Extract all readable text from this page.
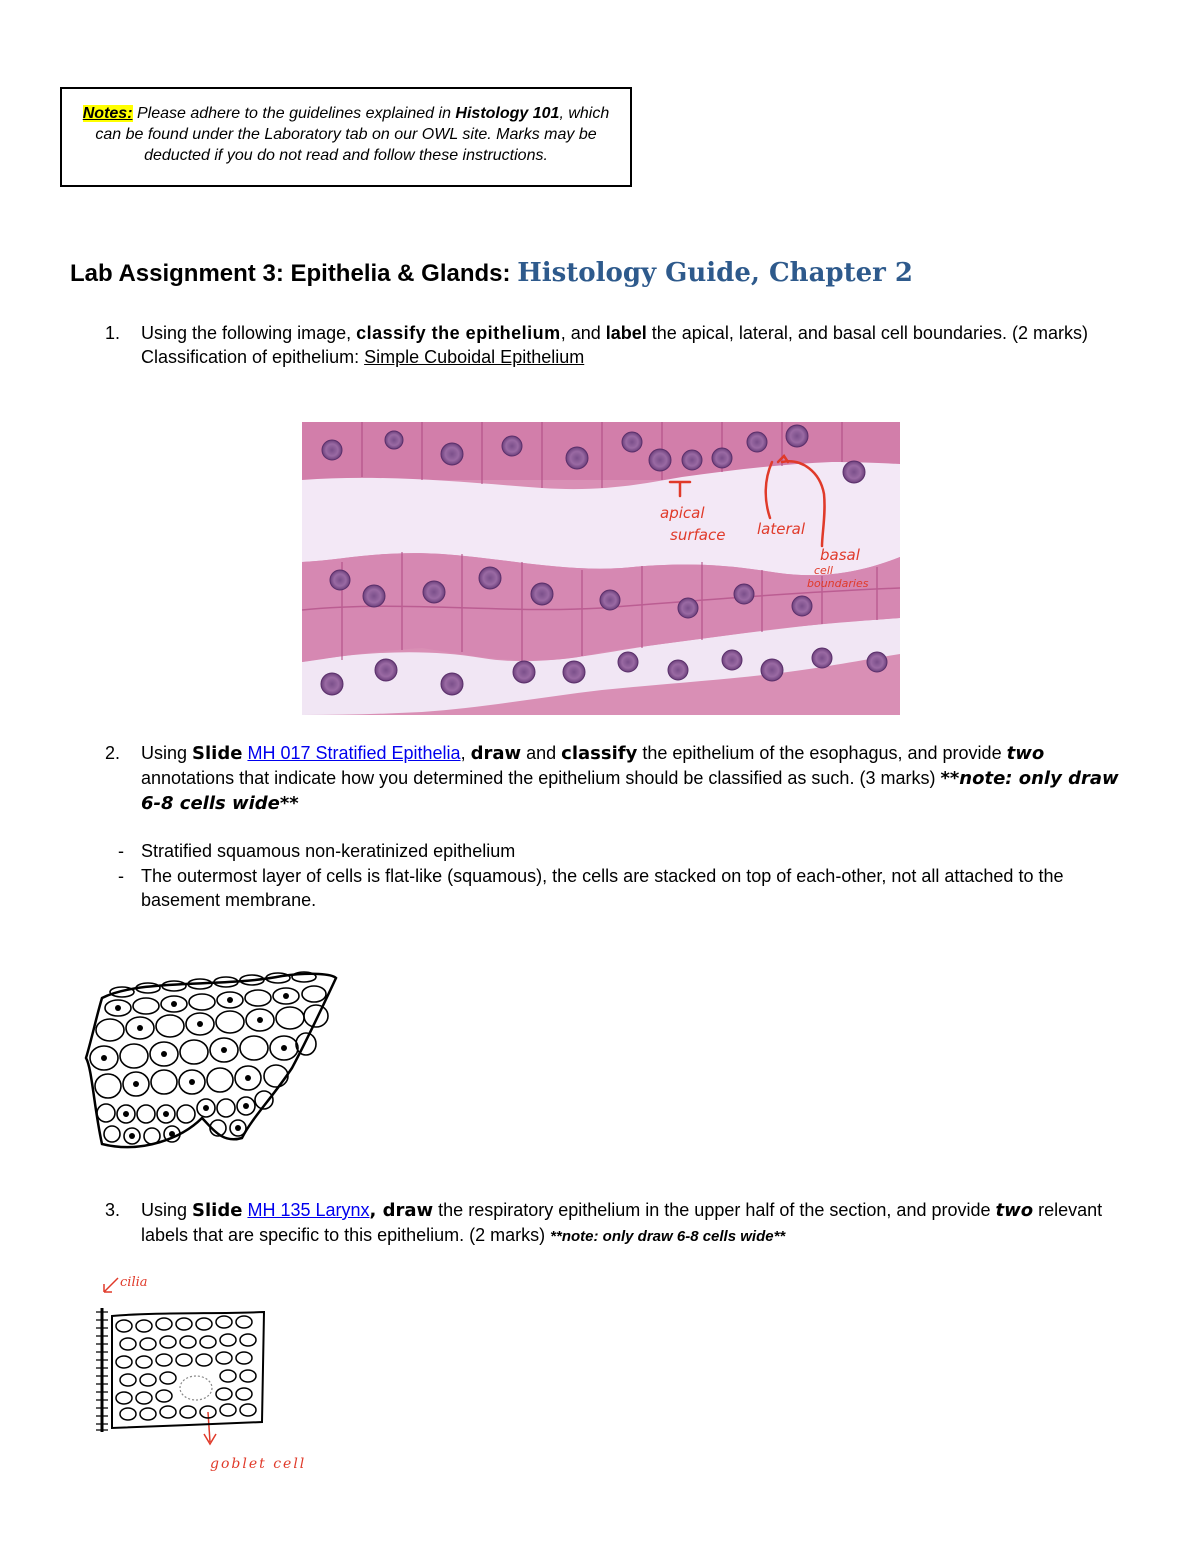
Notes: Please adhere to the guidelines explained in Histology 101, which can be found under the Laboratory tab on our OWL site. Marks may be deducted if you do not read and follow these instructions.
Lab Assignment 3: Epithelia & Glands: Histology Guide, Chapter 2
1. Using the following image, classify the epithelium, and label the apical, lateral, and basal cell boundaries. (2 marks)
Classification of epithelium: Simple Cuboidal Epithelium
apical
surface lateral
basal
cell
boundaries
2. Using Slide MH 017 Stratified Epithelia, draw and classify the epithelium of the esophagus, and provide two annotations that indicate how you determined the epithelium should be classified as such. (3 marks) **note: only draw 6-8 cells wide**
- Stratified squamous non-keratinized epithelium
- The outermost layer of cells is flat-like (squamous), the cells are stacked on top of each-other, not all attached to the basement membrane.
3. Using Slide MH 135 Larynx, draw the respiratory epithelium in the upper half of the section, and provide two relevant labels that are specific to this epithelium. (2 marks) **note: only draw 6-8 cells wide**
cilia
goblet cell
